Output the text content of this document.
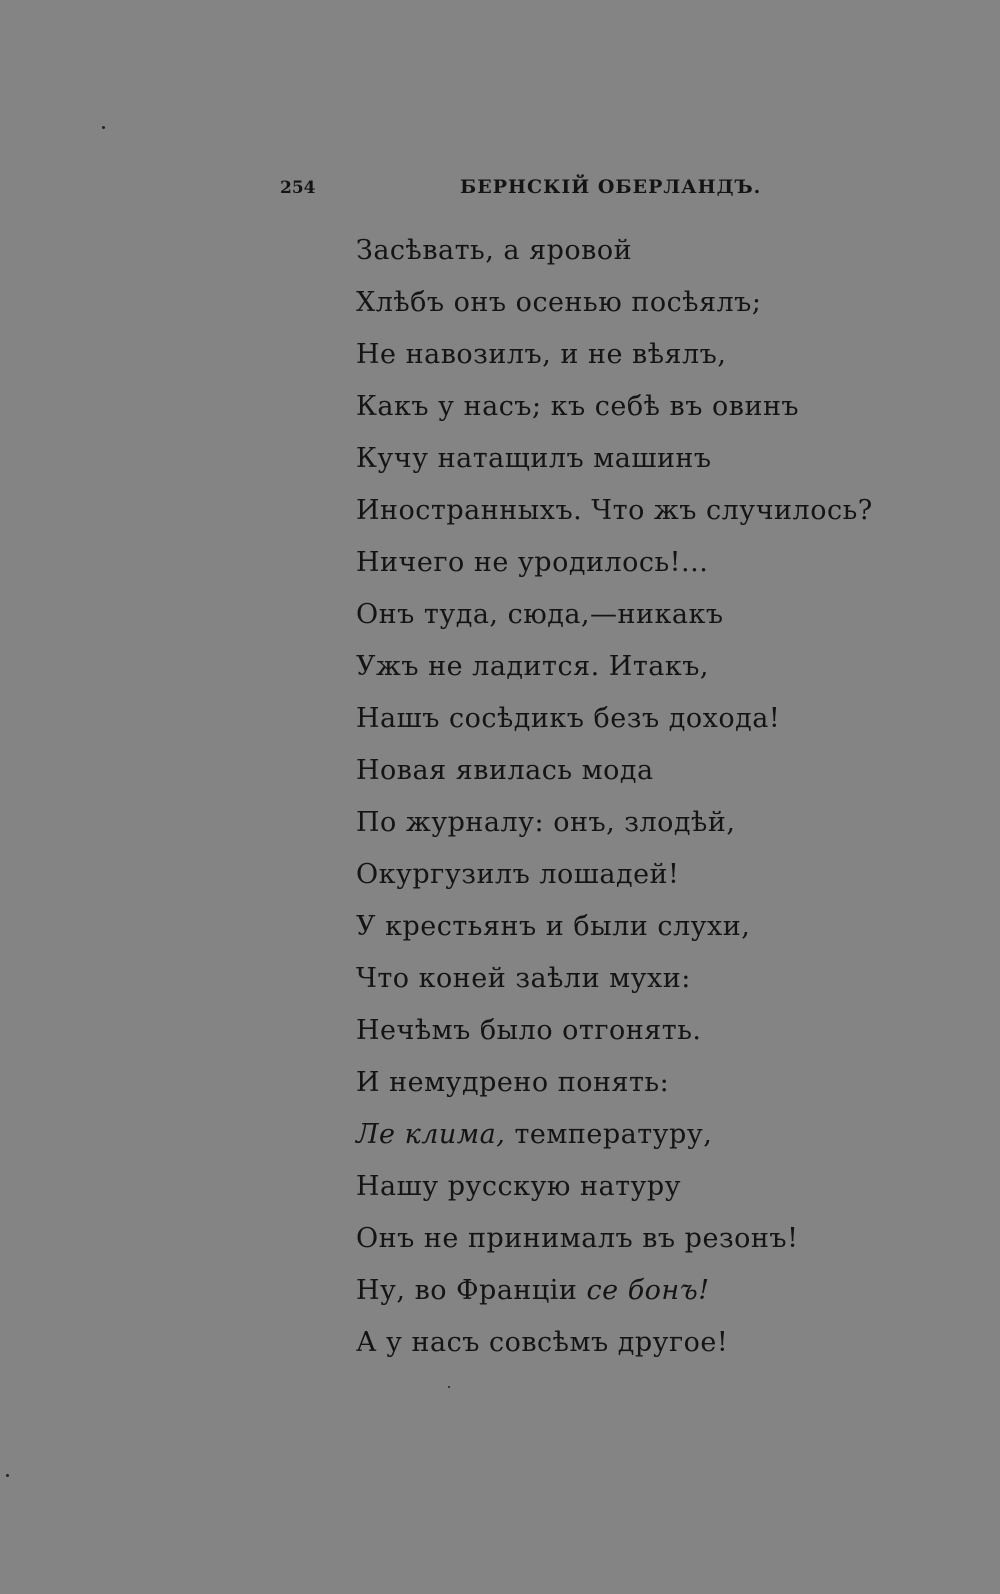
254	БЕРНСКІЙ ОБЕРЛАНДЪ.
Засѣвать, а яровой
Хлѣбъ онъ осенью посѣялъ;
Не навозилъ, и не вѣялъ,
Какъ у насъ; къ себѣ въ овинъ
Кучу натащилъ машинъ
Иностранныхъ. Что жъ случилось?
Ничего не уродилось!...
Онъ туда, сюда,—никакъ
Ужъ не ладится. Итакъ,
Нашъ сосѣдикъ безъ дохода!
Новая явилась мода
По журналу: онъ, злодѣй,
Окургузилъ лошадей!
У крестьянъ и были слухи,
Что коней заѣли мухи:
Нечѣмъ было отгонять.
И немудрено понять:
Ле клима, температуру,
Нашу русскую натуру
Онъ не принималъ въ резонъ!
Ну, во Франціи се бонъ!
А у насъ совсѣмъ другое!
